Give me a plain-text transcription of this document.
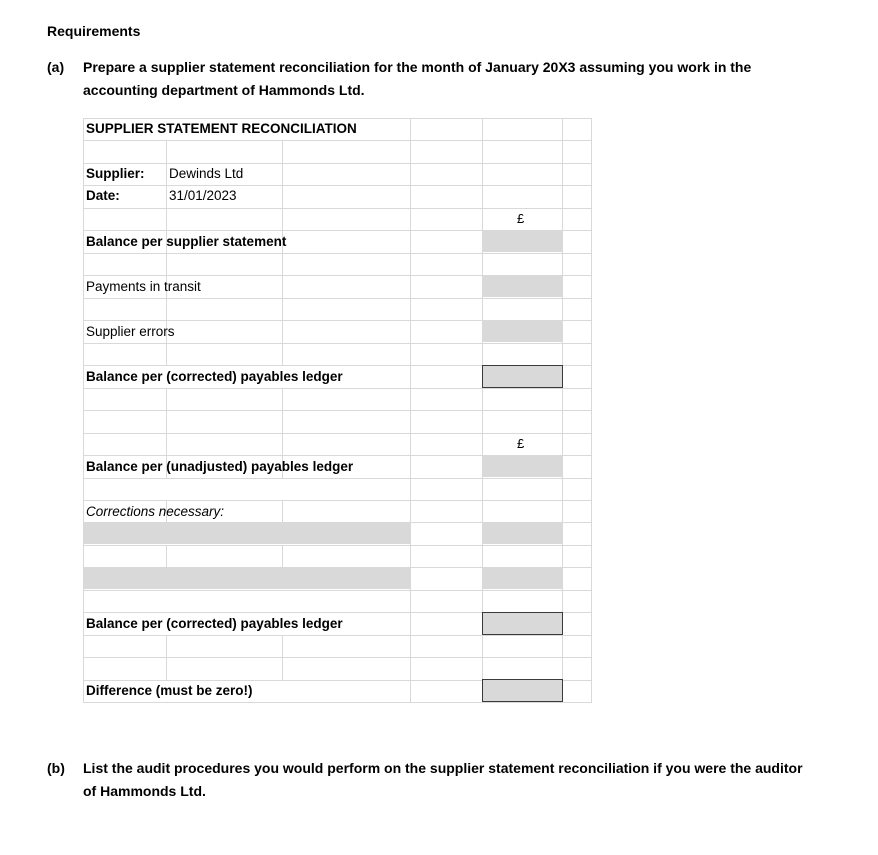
Requirements
(a) Prepare a supplier statement reconciliation for the month of January 20X3 assuming you work in the accounting department of Hammonds Ltd.
SUPPLIER STATEMENT RECONCILIATION
Supplier: Dewinds Ltd
Date:	31/01/2023
£
Balance per supplier statement
Payments in transit
Supplier errors
Balance per (corrected) payables ledger
£
Balance per (unadjusted) payables ledger
Corrections necessary:
Balance per (corrected) payables ledger
Difference (must be zero!)
(b) List the audit procedures you would perform on the supplier statement reconciliation if you were the auditor of Hammonds Ltd.
